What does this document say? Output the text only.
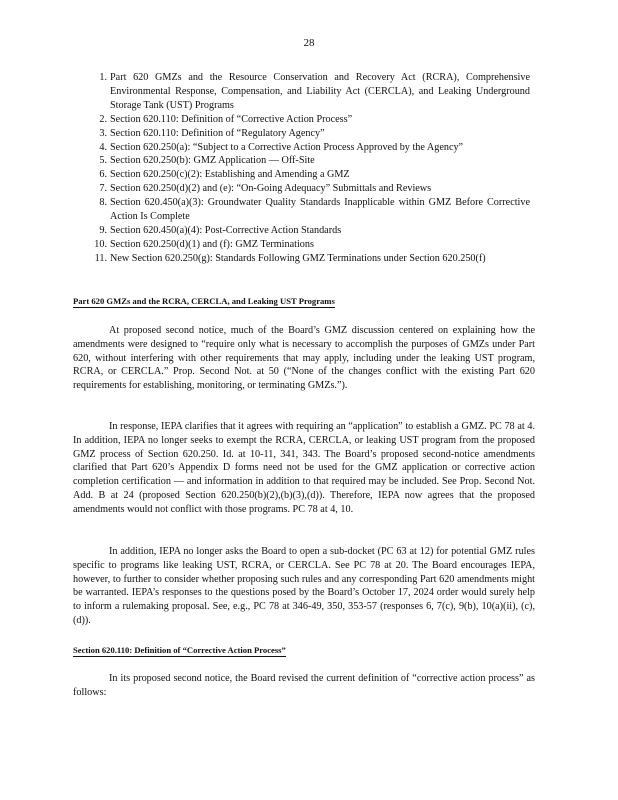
28
1. Part 620 GMZs and the Resource Conservation and Recovery Act (RCRA), Comprehensive Environmental Response, Compensation, and Liability Act (CERCLA), and Leaking Underground Storage Tank (UST) Programs
2. Section 620.110: Definition of “Corrective Action Process”
3. Section 620.110: Definition of “Regulatory Agency”
4. Section 620.250(a): “Subject to a Corrective Action Process Approved by the Agency”
5. Section 620.250(b): GMZ Application — Off-Site
6. Section 620.250(c)(2): Establishing and Amending a GMZ
7. Section 620.250(d)(2) and (e): “On-Going Adequacy” Submittals and Reviews
8. Section 620.450(a)(3): Groundwater Quality Standards Inapplicable within GMZ Before Corrective Action Is Complete
9. Section 620.450(a)(4): Post-Corrective Action Standards
10. Section 620.250(d)(1) and (f): GMZ Terminations
11. New Section 620.250(g): Standards Following GMZ Terminations under Section 620.250(f)
Part 620 GMZs and the RCRA, CERCLA, and Leaking UST Programs

At proposed second notice, much of the Board’s GMZ discussion centered on explaining how the amendments were designed to “require only what is necessary to accomplish the purposes of GMZs under Part 620, without interfering with other requirements that may apply, including under the leaking UST program, RCRA, or CERCLA.” Prop. Second Not. at 50 (“None of the changes conflict with the existing Part 620 requirements for establishing, monitoring, or terminating GMZs.”).

In response, IEPA clarifies that it agrees with requiring an “application” to establish a GMZ. PC 78 at 4. In addition, IEPA no longer seeks to exempt the RCRA, CERCLA, or leaking UST program from the proposed GMZ process of Section 620.250. Id. at 10-11, 341, 343. The Board’s proposed second-notice amendments clarified that Part 620’s Appendix D forms need not be used for the GMZ application or corrective action completion certification — and information in addition to that required may be included. See Prop. Second Not. Add. B at 24 (proposed Section 620.250(b)(2),(b)(3),(d)). Therefore, IEPA now agrees that the proposed amendments would not conflict with those programs. PC 78 at 4, 10.

In addition, IEPA no longer asks the Board to open a sub-docket (PC 63 at 12) for potential GMZ rules specific to programs like leaking UST, RCRA, or CERCLA. See PC 78 at 20. The Board encourages IEPA, however, to further to consider whether proposing such rules and any corresponding Part 620 amendments might be warranted. IEPA’s responses to the questions posed by the Board’s October 17, 2024 order would surely help to inform a rulemaking proposal. See, e.g., PC 78 at 346-49, 350, 353-57 (responses 6, 7(c), 9(b), 10(a)(ii), (c), (d)).

Section 620.110: Definition of “Corrective Action Process”

In its proposed second notice, the Board revised the current definition of “corrective action process” as follows:
